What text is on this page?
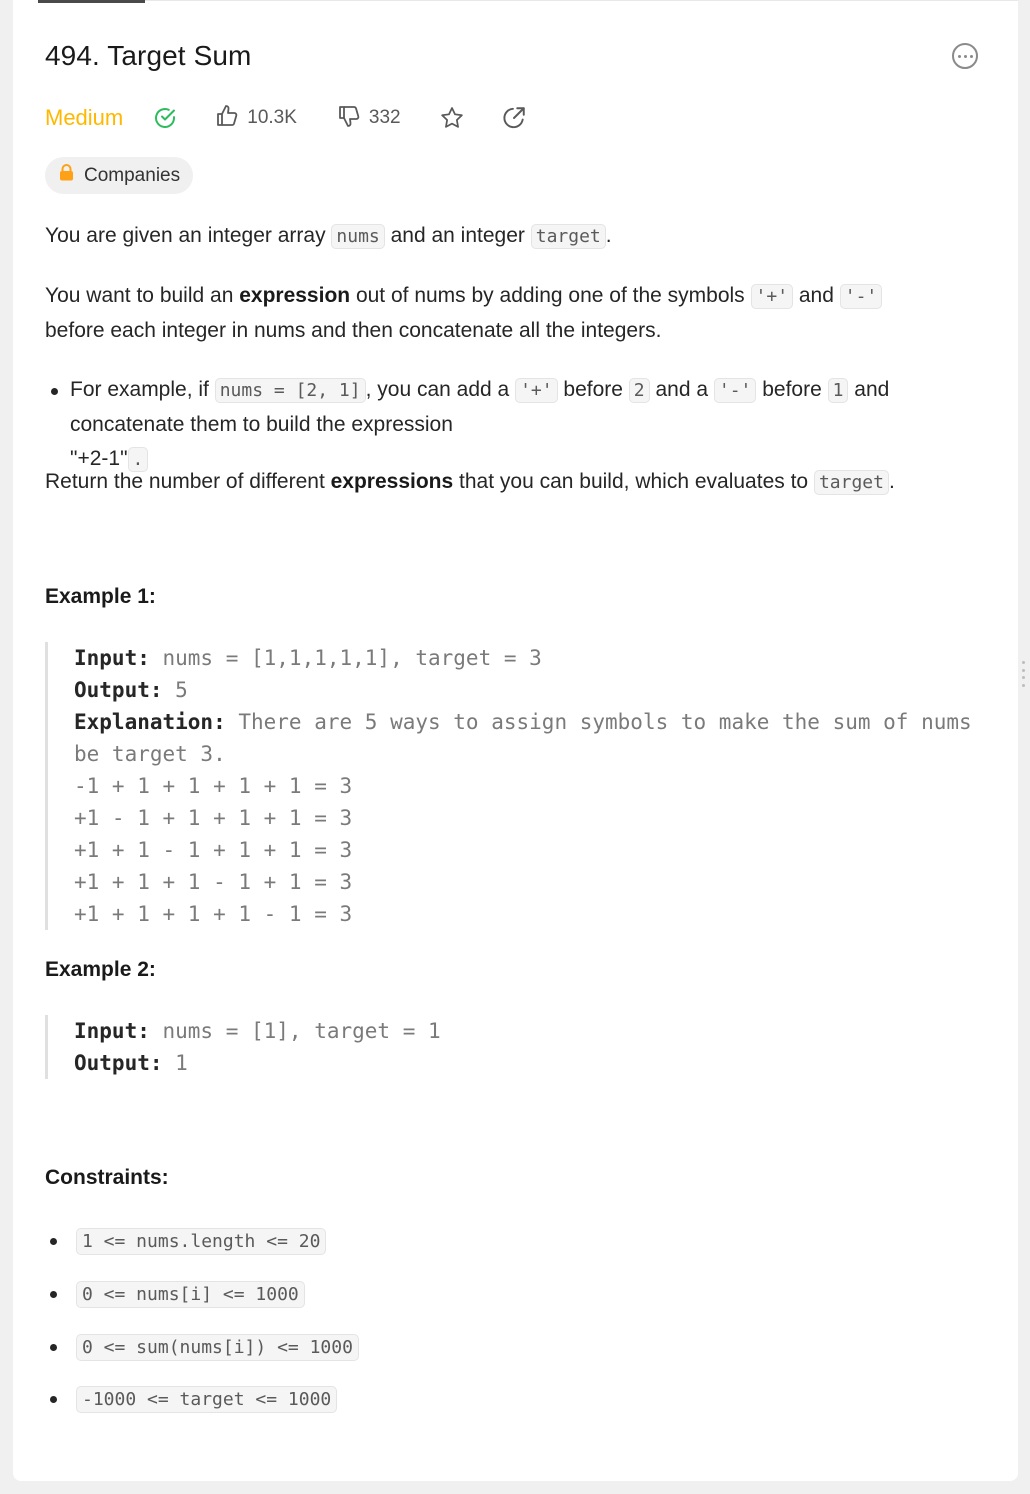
494. Target Sum
Medium	10.3K	332
Companies

You are given an integer array nums and an integer target .

You want to build an expression out of nums by adding one of the symbols '+' and '-'
before each integer in nums and then concatenate all the integers.

For example, if nums = [2, 1] , you can add a '+' before 2 and a '-' before 1 and concatenate them to build the expression
"+2-1" .

Return the number of different expressions that you can build, which evaluates to target .

Example 1:
Input: nums = [1,1,1,1,1], target = 3
Output: 5
Explanation: There are 5 ways to assign symbols to make the sum of nums be target 3.
-1 + 1 + 1 + 1 + 1 = 3
+1 - 1 + 1 + 1 + 1 = 3
+1 + 1 - 1 + 1 + 1 = 3
+1 + 1 + 1 - 1 + 1 = 3
+1 + 1 + 1 + 1 - 1 = 3
Example 2:
Input: nums = [1], target = 1
Output: 1
Constraints:
1 <= nums.length <= 20
0 <= nums[i] <= 1000
0 <= sum(nums[i]) <= 1000
-1000 <= target <= 1000
